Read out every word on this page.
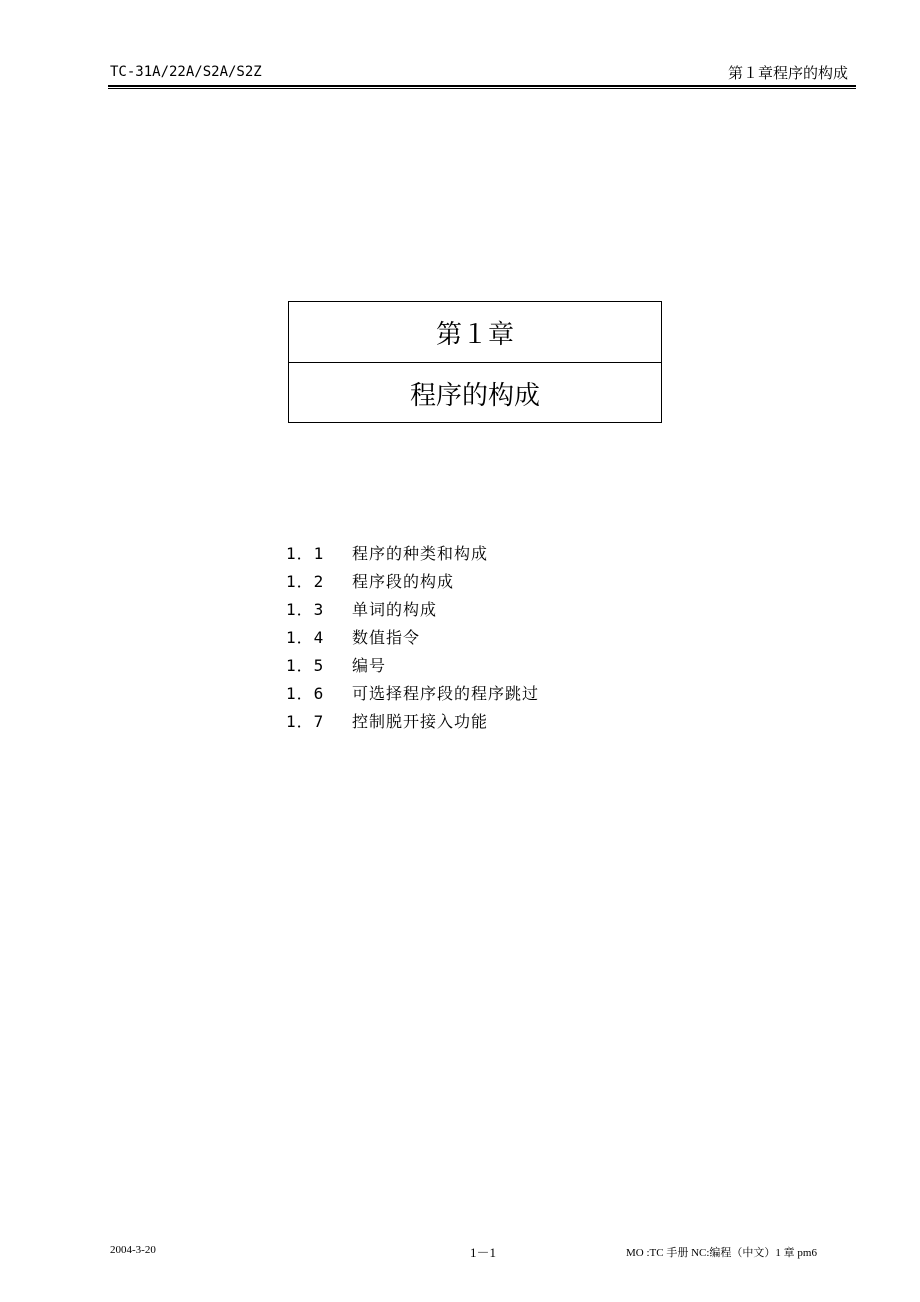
TC-31A/22A/S2A/S2Z	第１章程序的构成
第１章
程序的构成
1．1	程序的种类和构成
1．2	程序段的构成
1．3	单词的构成
1．4	数值指令
1．5	编号
1．6	可选择程序段的程序跳过
1．7	控制脱开接入功能
2004-3-20	1－1	MO :TC 手册 NC:编程（中文）1 章 pm6
